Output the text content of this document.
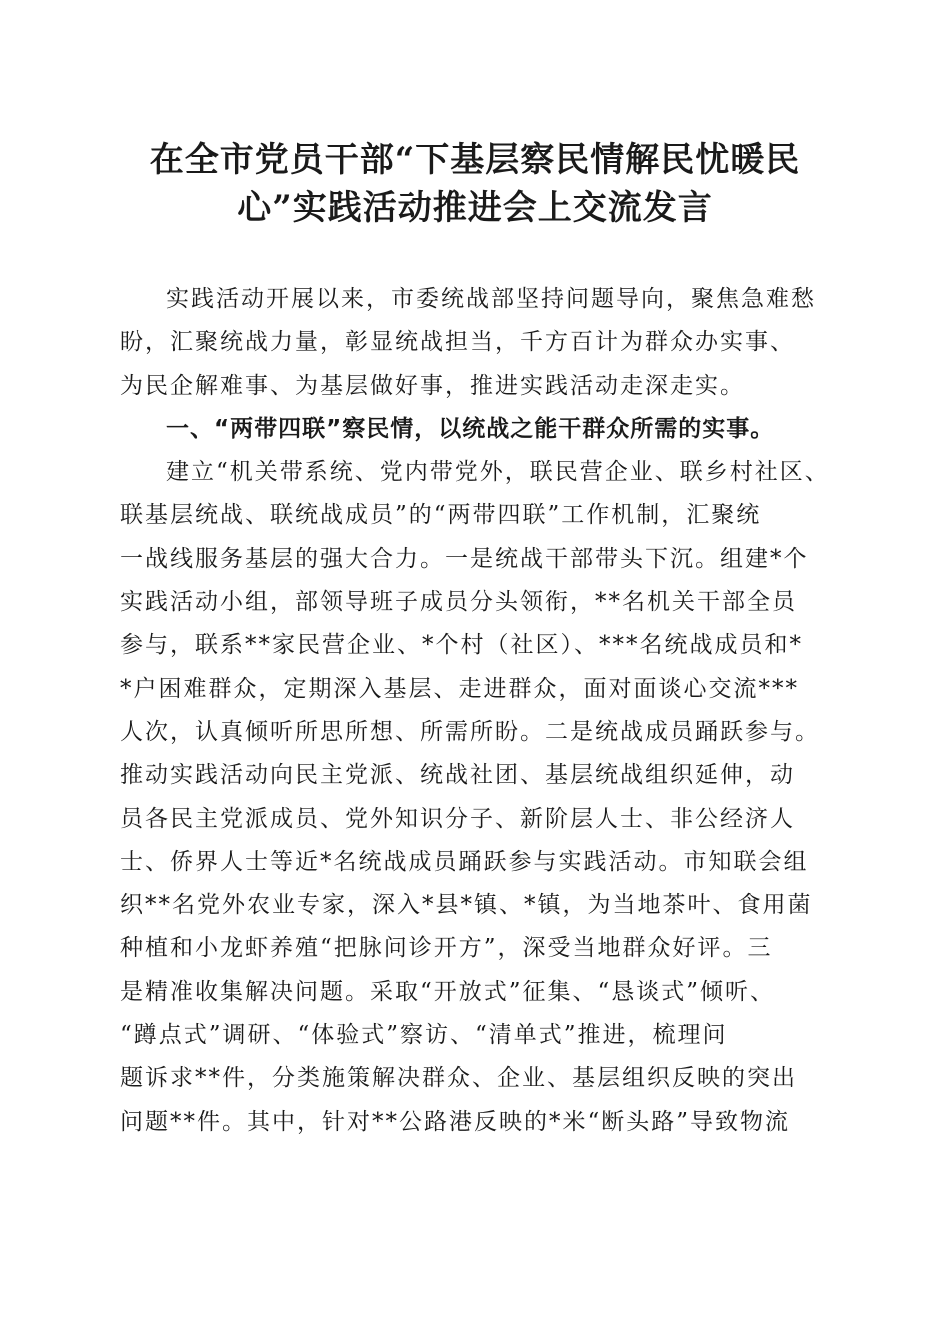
在全市党员干部“下基层察民情解民忧暖民
心”实践活动推进会上交流发言
实践活动开展以来，市委统战部坚持问题导向，聚焦急难愁
盼，汇聚统战力量，彰显统战担当，千方百计为群众办实事、
为民企解难事、为基层做好事，推进实践活动走深走实。
一、“两带四联”察民情，以统战之能干群众所需的实事。
建立“机关带系统、党内带党外，联民营企业、联乡村社区、
联基层统战、联统战成员”的“两带四联”工作机制，汇聚统
一战线服务基层的强大合力。一是统战干部带头下沉。组建*个
实践活动小组，部领导班子成员分头领衔，**名机关干部全员
参与，联系**家民营企业、*个村（社区）、***名统战成员和*
*户困难群众，定期深入基层、走进群众，面对面谈心交流***
人次，认真倾听所思所想、所需所盼。二是统战成员踊跃参与。
推动实践活动向民主党派、统战社团、基层统战组织延伸，动
员各民主党派成员、党外知识分子、新阶层人士、非公经济人
士、侨界人士等近*名统战成员踊跃参与实践活动。市知联会组
织**名党外农业专家，深入*县*镇、*镇，为当地茶叶、食用菌
种植和小龙虾养殖“把脉问诊开方”，深受当地群众好评。三
是精准收集解决问题。采取“开放式”征集、“恳谈式”倾听、
“蹲点式”调研、“体验式”察访、“清单式”推进，梳理问
题诉求**件，分类施策解决群众、企业、基层组织反映的突出
问题**件。其中，针对**公路港反映的*米“断头路”导致物流
